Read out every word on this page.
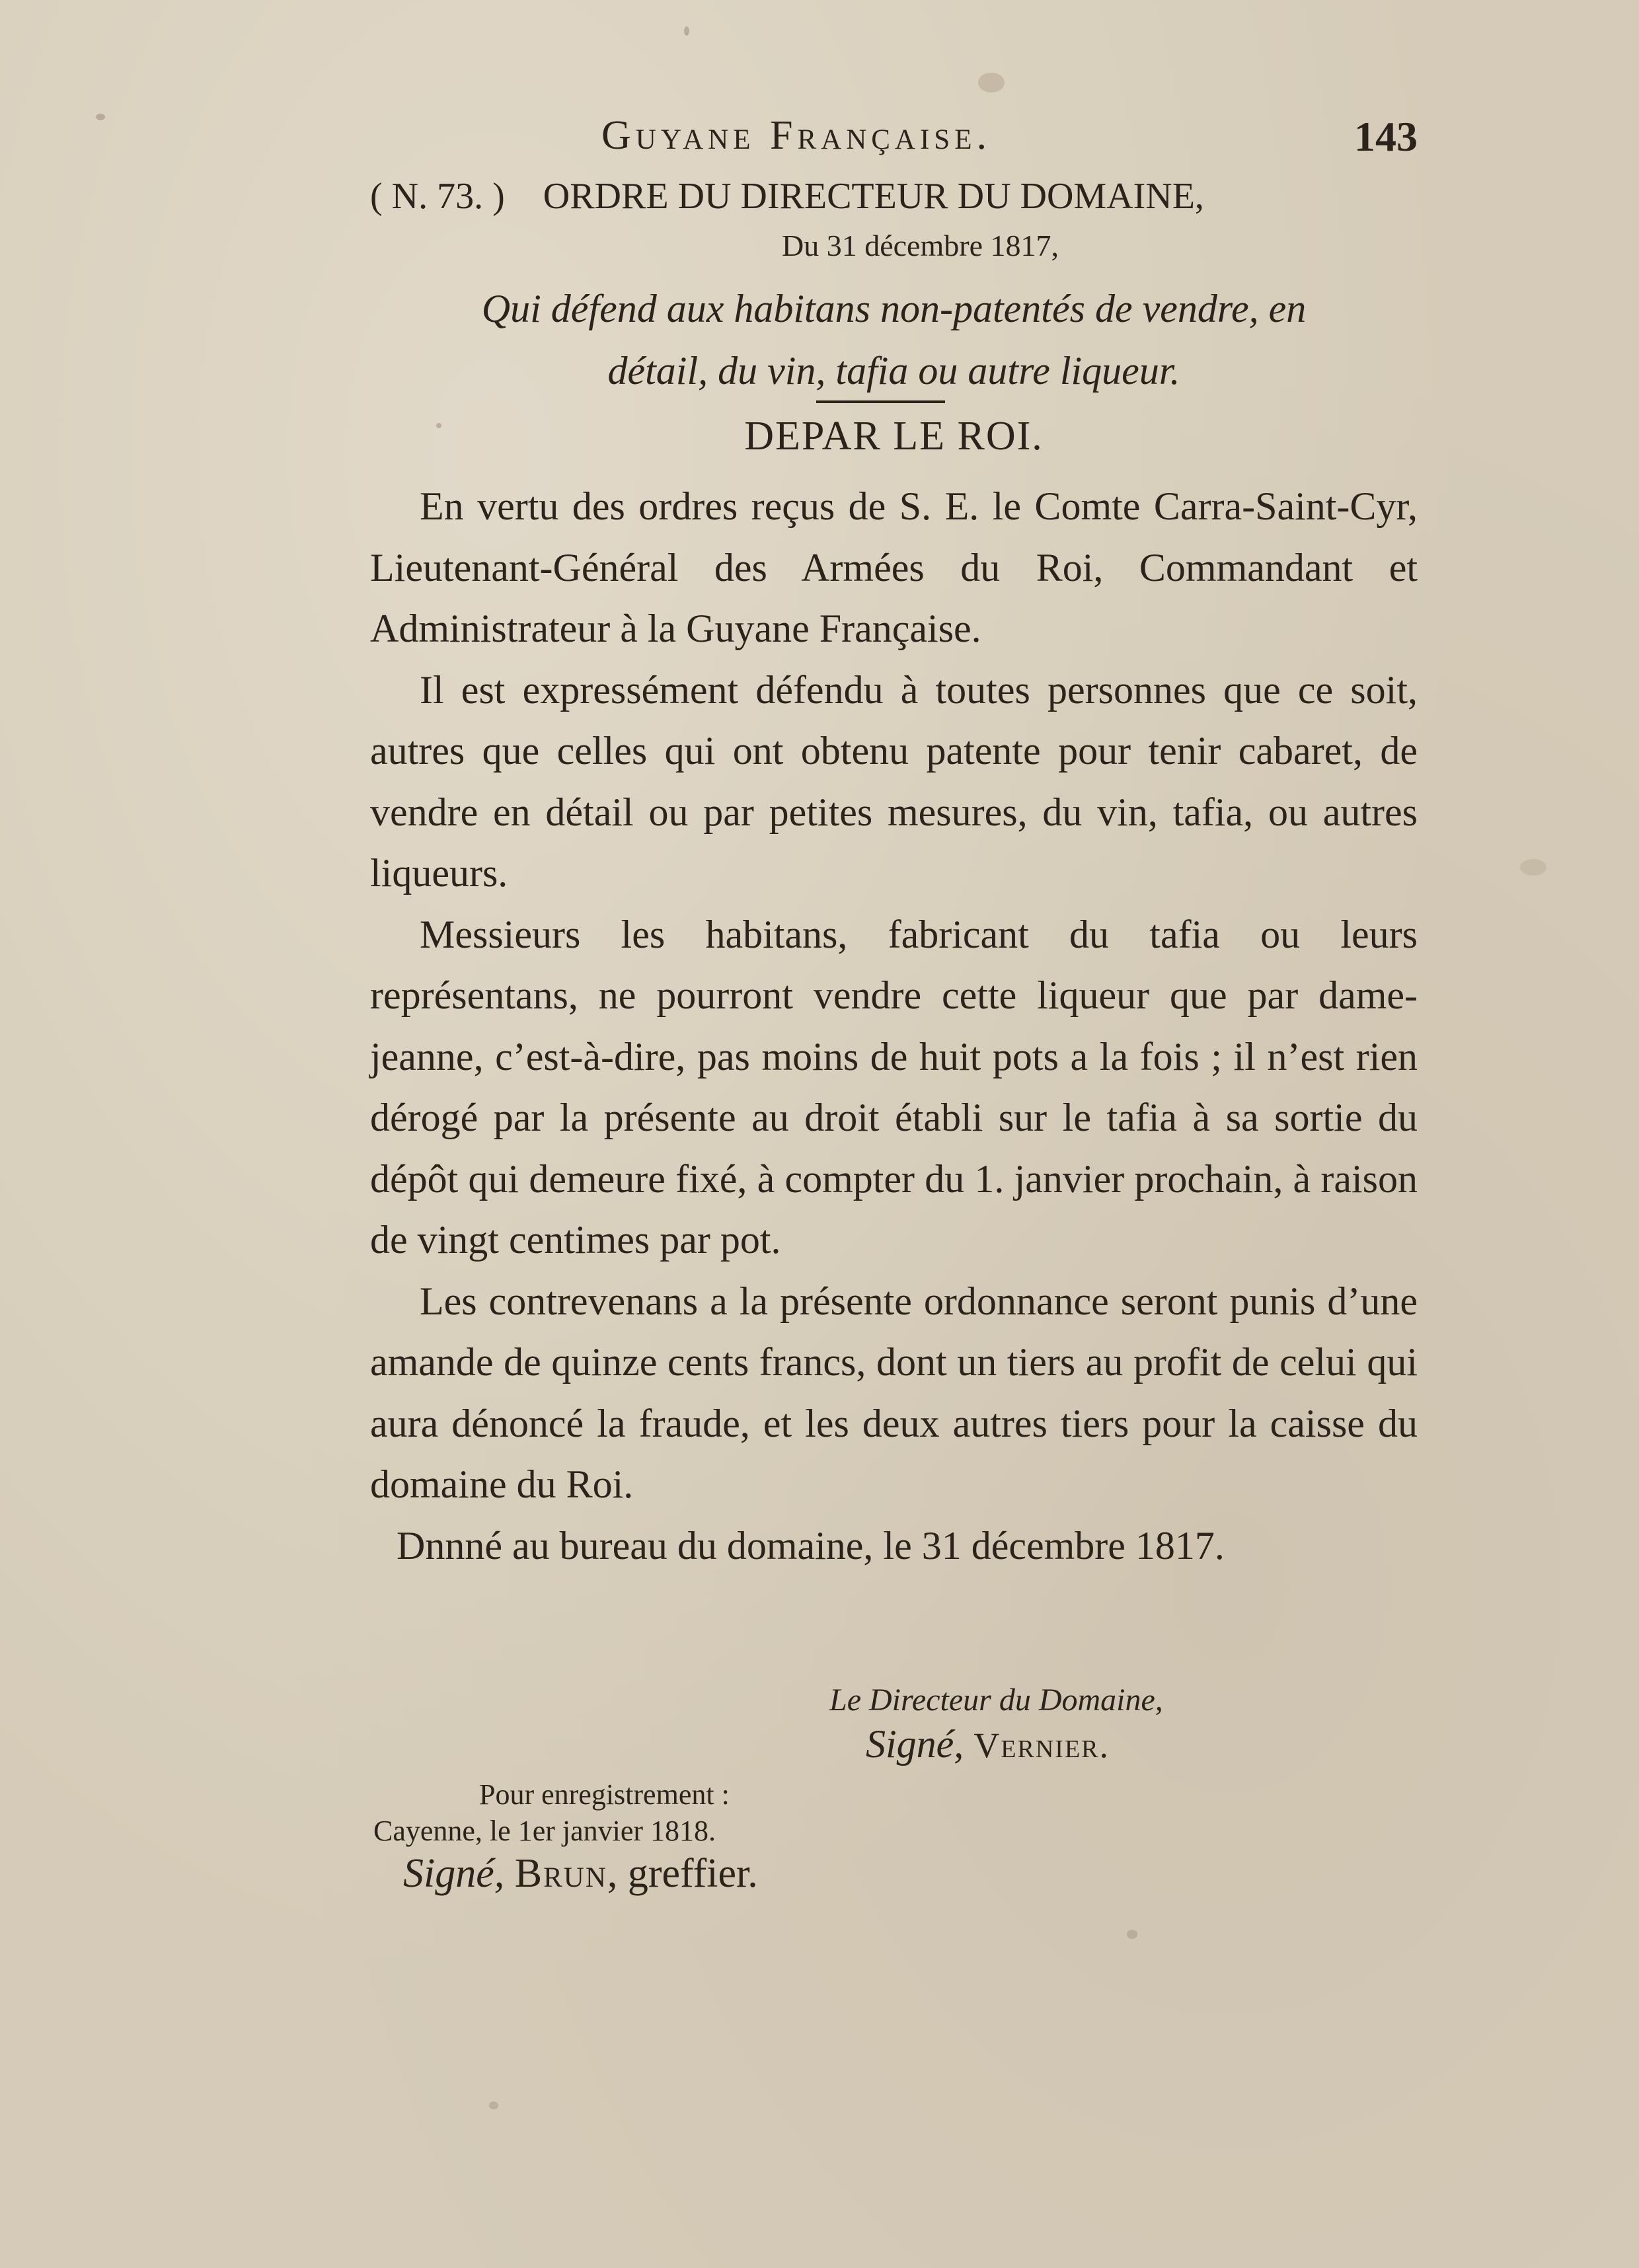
Guyane Française.	143
( N. 73. ) ORDRE DU DIRECTEUR DU DOMAINE,
Du 31 décembre 1817,
Qui défend aux habitans non-patentés de vendre, en
détail, du vin, tafia ou autre liqueur.
DEPAR LE ROI.

En vertu des ordres reçus de S. E. le Comte Carra-Saint-Cyr, Lieutenant-Général des Armées du Roi, Commandant et Administrateur à la Guyane Française.

Il est expressément défendu à toutes personnes que ce soit, autres que celles qui ont obtenu patente pour tenir cabaret, de vendre en détail ou par petites mesures, du vin, tafia, ou autres liqueurs.

Messieurs les habitans, fabricant du tafia ou leurs représentans, ne pourront vendre cette liqueur que par dame-jeanne, c’est-à-dire, pas moins de huit pots a la fois ; il n’est rien dérogé par la présente au droit établi sur le tafia à sa sortie du dépôt qui demeure fixé, à compter du 1. janvier prochain, à raison de vingt centimes par pot.

Les contrevenans a la présente ordonnance seront punis d’une amande de quinze cents francs, dont un tiers au profit de celui qui aura dénoncé la fraude, et les deux autres tiers pour la caisse du domaine du Roi.

Dnnné au bureau du domaine, le 31 décembre 1817.

Le Directeur du Domaine,
Signé, Vernier.
Pour enregistrement :
Cayenne, le 1er janvier 1818.
Signé, Brun, greffier.
